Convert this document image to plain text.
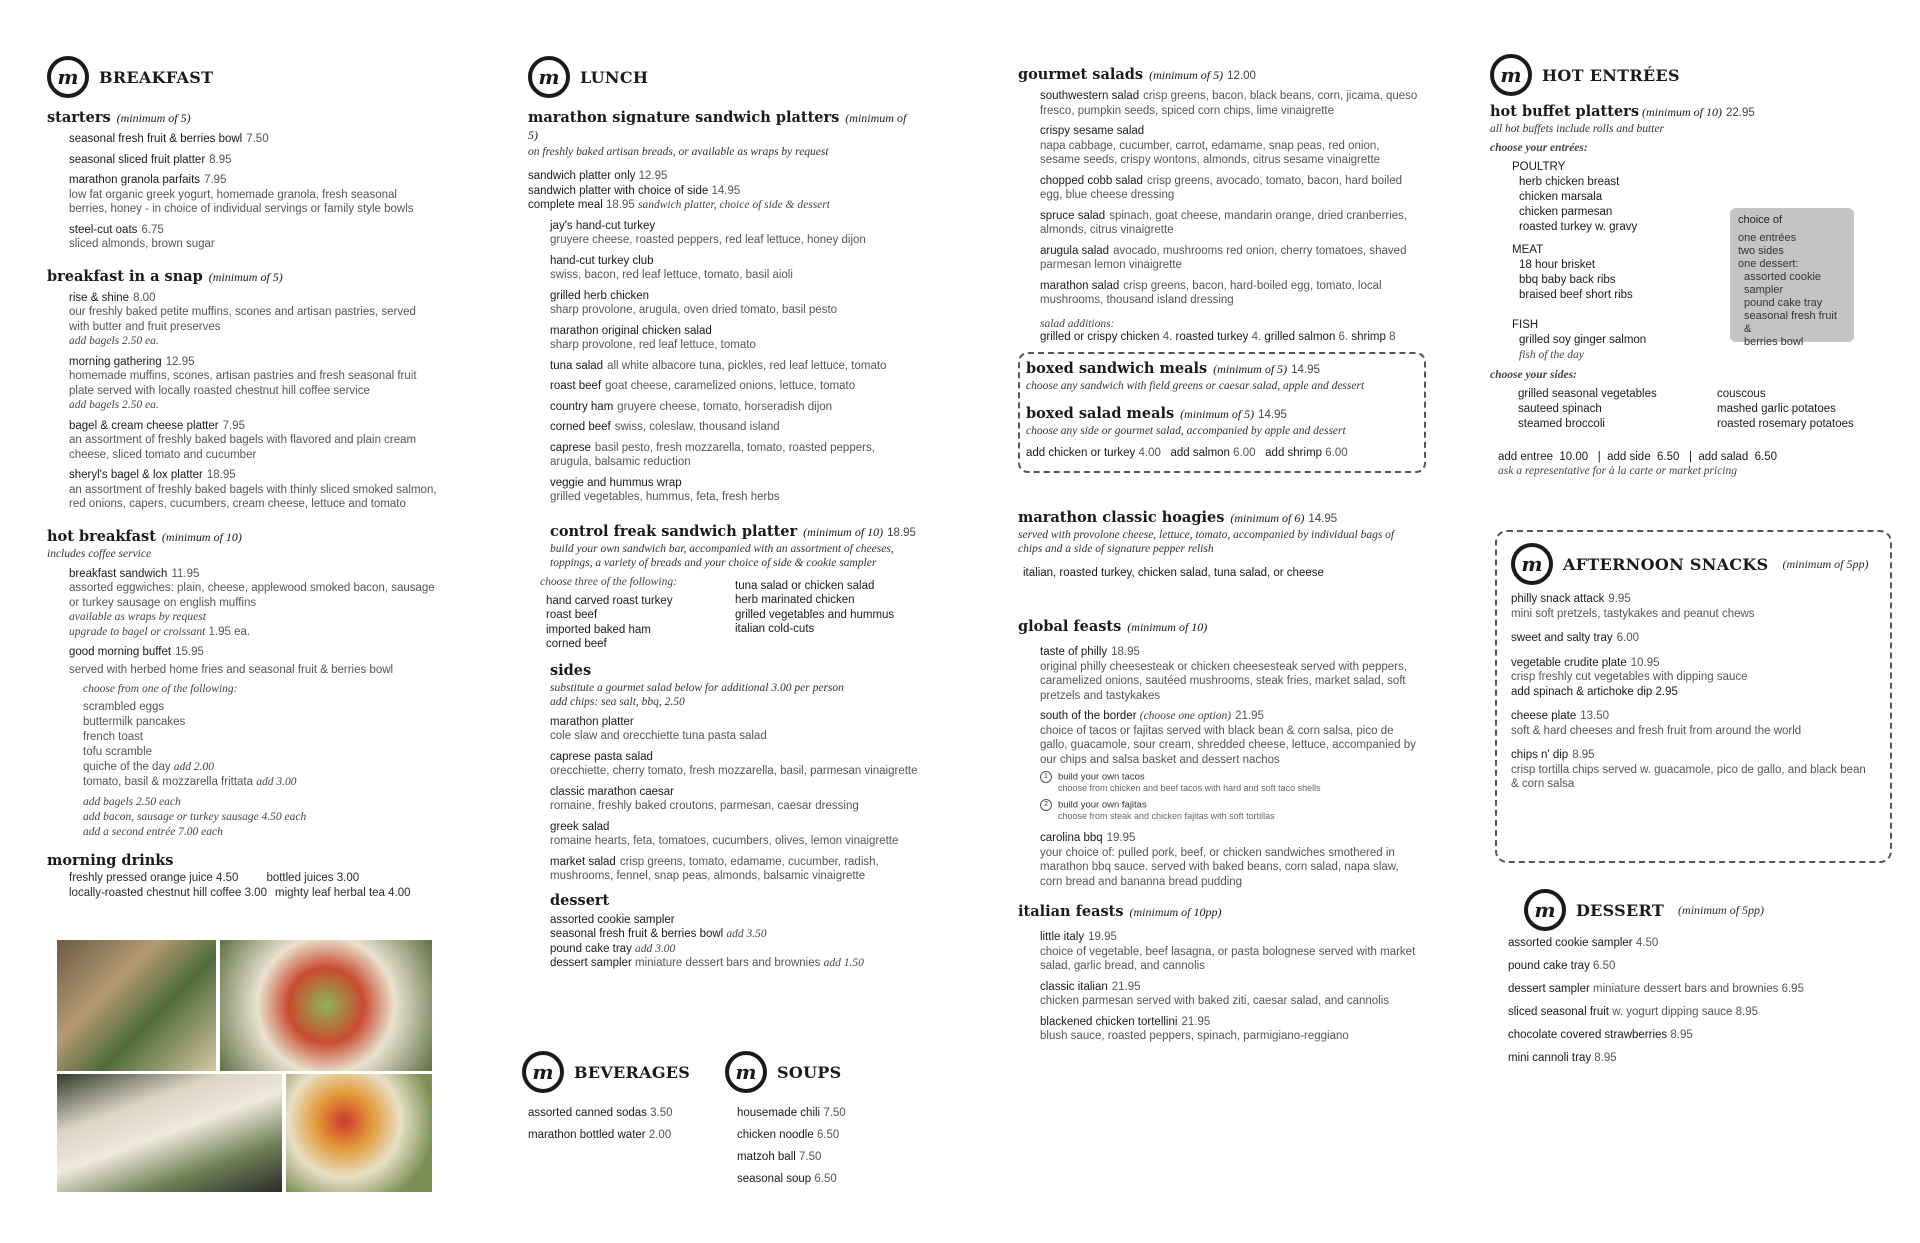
m	BREAKFAST
starters (minimum of 5)
seasonal fresh fruit & berries bowl 7.50
seasonal sliced fruit platter 8.95
marathon granola parfaits 7.95
low fat organic greek yogurt, homemade granola, fresh seasonal berries, honey - in choice of individual servings or family style bowls
steel-cut oats 6.75
sliced almonds, brown sugar
breakfast in a snap (minimum of 5)
rise & shine 8.00
our freshly baked petite muffins, scones and artisan pastries, served with butter and fruit preserves
add bagels 2.50 ea.
morning gathering 12.95
homemade muffins, scones, artisan pastries and fresh seasonal fruit plate served with locally roasted chestnut hill coffee service
add bagels 2.50 ea.
bagel & cream cheese platter 7.95
an assortment of freshly baked bagels with flavored and plain cream cheese, sliced tomato and cucumber
sheryl's bagel & lox platter 18.95
an assortment of freshly baked bagels with thinly sliced smoked salmon, red onions, capers, cucumbers, cream cheese, lettuce and tomato
hot breakfast (minimum of 10)
includes coffee service
breakfast sandwich 11.95
assorted eggwiches: plain, cheese, applewood smoked bacon, sausage or turkey sausage on english muffins
available as wraps by request
upgrade to bagel or croissant 1.95 ea.
good morning buffet 15.95
served with herbed home fries and seasonal fruit & berries bowl
choose from one of the following:
scrambled eggs
buttermilk pancakes
french toast
tofu scramble
quiche of the day add 2.00
tomato, basil & mozzarella frittata add 3.00
add bagels 2.50 each
add bacon, sausage or turkey sausage 4.50 each
add a second entrée 7.00 each
morning drinks
freshly pressed orange juice 4.50 bottled juices 3.00
locally-roasted chestnut hill coffee 3.00 mighty leaf herbal tea 4.00
m	LUNCH
marathon signature sandwich platters (minimum of 5)
on freshly baked artisan breads, or available as wraps by request
sandwich platter only 12.95
sandwich platter with choice of side 14.95
complete meal 18.95 sandwich platter, choice of side & dessert
jay's hand-cut turkey
gruyere cheese, roasted peppers, red leaf lettuce, honey dijon
hand-cut turkey club
swiss, bacon, red leaf lettuce, tomato, basil aioli
grilled herb chicken
sharp provolone, arugula, oven dried tomato, basil pesto
marathon original chicken salad
sharp provolone, red leaf lettuce, tomato
tuna salad all white albacore tuna, pickles, red leaf lettuce, tomato
roast beef goat cheese, caramelized onions, lettuce, tomato
country ham gruyere cheese, tomato, horseradish dijon
corned beef swiss, coleslaw, thousand island
caprese basil pesto, fresh mozzarella, tomato, roasted peppers, arugula, balsamic reduction
veggie and hummus wrap
grilled vegetables, hummus, feta, fresh herbs
control freak sandwich platter (minimum of 10) 18.95
build your own sandwich bar, accompanied with an assortment of cheeses, toppings, a variety of breads and your choice of side & cookie sampler
choose three of the following:
hand carved roast turkey
roast beef
imported baked ham
corned beef
tuna salad or chicken salad
herb marinated chicken
grilled vegetables and hummus
italian cold-cuts
sides
substitute a gourmet salad below for additional 3.00 per person
add chips: sea salt, bbq, 2.50
marathon platter
cole slaw and orecchiette tuna pasta salad
caprese pasta salad
orecchiette, cherry tomato, fresh mozzarella, basil, parmesan vinaigrette
classic marathon caesar
romaine, freshly baked croutons, parmesan, caesar dressing
greek salad
romaine hearts, feta, tomatoes, cucumbers, olives, lemon vinaigrette
market salad crisp greens, tomato, edamame, cucumber, radish, mushrooms, fennel, snap peas, almonds, balsamic vinaigrette
dessert
assorted cookie sampler
seasonal fresh fruit & berries bowl add 3.50
pound cake tray add 3.00
dessert sampler miniature dessert bars and brownies add 1.50
m	BEVERAGES
assorted canned sodas 3.50
marathon bottled water 2.00
m	SOUPS
housemade chili 7.50
chicken noodle 6.50
matzoh ball 7.50
seasonal soup 6.50
gourmet salads (minimum of 5) 12.00
southwestern salad crisp greens, bacon, black beans, corn, jicama, queso fresco, pumpkin seeds, spiced corn chips, lime vinaigrette
crispy sesame salad
napa cabbage, cucumber, carrot, edamame, snap peas, red onion, sesame seeds, crispy wontons, almonds, citrus sesame vinaigrette
chopped cobb salad crisp greens, avocado, tomato, bacon, hard boiled egg, blue cheese dressing
spruce salad spinach, goat cheese, mandarin orange, dried cranberries, almonds, citrus vinaigrette
arugula salad avocado, mushrooms red onion, cherry tomatoes, shaved parmesan lemon vinaigrette
marathon salad crisp greens, bacon, hard-boiled egg, tomato, local mushrooms, thousand island dressing
salad additions:
grilled or crispy chicken 4. roasted turkey 4. grilled salmon 6. shrimp 8
boxed sandwich meals (minimum of 5) 14.95
choose any sandwich with field greens or caesar salad, apple and dessert
boxed salad meals (minimum of 5) 14.95
choose any side or gourmet salad, accompanied by apple and dessert
add chicken or turkey 4.00 add salmon 6.00 add shrimp 6.00
marathon classic hoagies (minimum of 6) 14.95
served with provolone cheese, lettuce, tomato, accompanied by individual bags of chips and a side of signature pepper relish
italian, roasted turkey, chicken salad, tuna salad, or cheese
global feasts (minimum of 10)
taste of philly 18.95
original philly cheesesteak or chicken cheesesteak served with peppers, caramelized onions, sautéed mushrooms, steak fries, market salad, soft pretzels and tastykakes
south of the border (choose one option) 21.95
choice of tacos or fajitas served with black bean & corn salsa, pico de gallo, guacamole, sour cream, shredded cheese, lettuce, accompanied by our chips and salsa basket and dessert nachos
1 build your own tacos
choose from chicken and beef tacos with hard and soft taco shells
2 build your own fajitas
choose from steak and chicken fajitas with soft tortillas
carolina bbq 19.95
your choice of: pulled pork, beef, or chicken sandwiches smothered in marathon bbq sauce. served with baked beans, corn salad, napa slaw, corn bread and bananna bread pudding
italian feasts (minimum of 10pp)
little italy 19.95
choice of vegetable, beef lasagna, or pasta bolognese served with market salad, garlic bread, and cannolis
classic italian 21.95
chicken parmesan served with baked ziti, caesar salad, and cannolis
blackened chicken tortellini 21.95
blush sauce, roasted peppers, spinach, parmigiano-reggiano
m	HOT ENTRÉES
hot buffet platters (minimum of 10) 22.95
all hot buffets include rolls and butter
choose your entrées:
POULTRY
herb chicken breast
chicken marsala
chicken parmesan
roasted turkey w. gravy
MEAT
18 hour brisket
bbq baby back ribs
braised beef short ribs
FISH
grilled soy ginger salmon
fish of the day
choose your sides:
grilled seasonal vegetables
sauteed spinach
steamed broccoli
couscous
mashed garlic potatoes
roasted rosemary potatoes
add entree  10.00   |  add side  6.50   |  add salad  6.50
ask a representative for à la carte or market pricing
choice of
one entrées
two sides
one dessert:
assorted cookie sampler
pound cake tray
seasonal fresh fruit &
berries bowl
m	AFTERNOON SNACKS (minimum of 5pp)
philly snack attack 9.95
mini soft pretzels, tastykakes and peanut chews
sweet and salty tray 6.00
vegetable crudite plate 10.95
crisp freshly cut vegetables with dipping sauce
add spinach & artichoke dip 2.95
cheese plate 13.50
soft & hard cheeses and fresh fruit from around the world
chips n' dip 8.95
crisp tortilla chips served w. guacamole, pico de gallo, and black bean & corn salsa
m	DESSERT (minimum of 5pp)
assorted cookie sampler 4.50
pound cake tray 6.50
dessert sampler miniature dessert bars and brownies 6.95
sliced seasonal fruit w. yogurt dipping sauce 8.95
chocolate covered strawberries 8.95
mini cannoli tray 8.95
